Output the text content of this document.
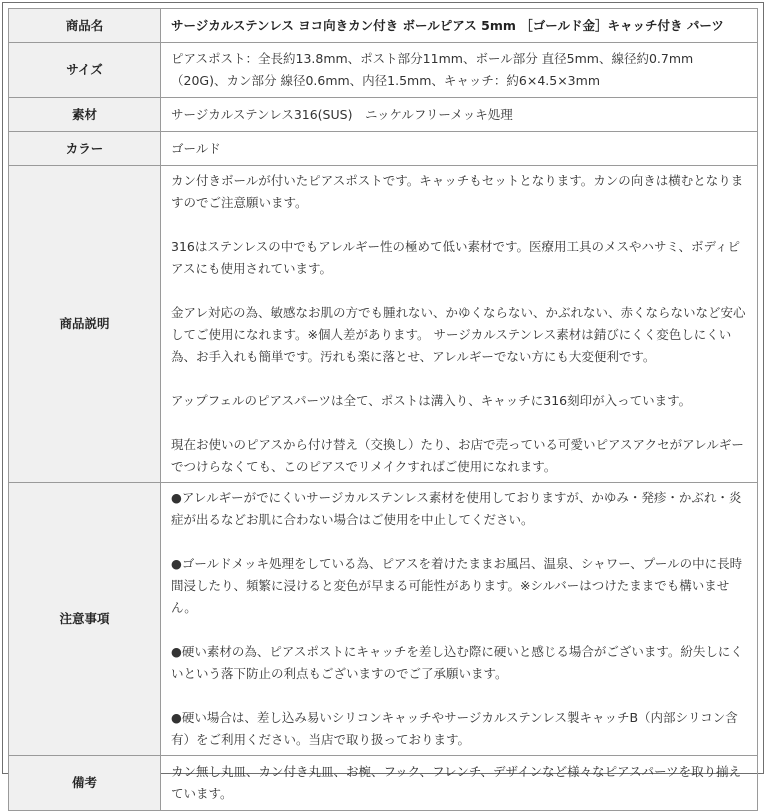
商品名	サージカルステンレス ヨコ向きカン付き ボールピアス 5mm ［ゴールド金］キャッチ付き パーツ
サイズ	ピアスポスト：全長約13.8mm、ポスト部分11mm、ボール部分 直径5mm、線径約0.7mm（20G)、カン部分 線径0.6mm、内径1.5mm、キャッチ：約6×4.5×3mm
素材	サージカルステンレス316(SUS)　ニッケルフリーメッキ処理
カラー	ゴールド
商品説明	カン付きボールが付いたピアスポストです。キャッチもセットとなります。カンの向きは横むとなりますのでご注意願います。

316はステンレスの中でもアレルギー性の極めて低い素材です。医療用工具のメスやハサミ、ボディピアスにも使用されています。

金アレ対応の為、敏感なお肌の方でも腫れない、かゆくならない、かぶれない、赤くならないなど安心してご使用になれます。※個人差があります。 サージカルステンレス素材は錆びにくく変色しにくい為、お手入れも簡単です。汚れも楽に落とせ、アレルギーでない方にも大変便利です。

アップフェルのピアスパーツは全て、ポストは溝入り、キャッチに316刻印が入っています。

現在お使いのピアスから付け替え（交換し）たり、お店で売っている可愛いピアスアクセがアレルギーでつけらなくても、このピアスでリメイクすればご使用になれます。

注意事項	●アレルギーがでにくいサージカルステンレス素材を使用しておりますが、かゆみ・発疹・かぶれ・炎症が出るなどお肌に合わない場合はご使用を中止してください。

●ゴールドメッキ処理をしている為、ピアスを着けたままお風呂、温泉、シャワー、プールの中に長時間浸したり、頻繁に浸けると変色が早まる可能性があります。※シルバーはつけたままでも構いません。

●硬い素材の為、ピアスポストにキャッチを差し込む際に硬いと感じる場合がございます。紛失しにくいという落下防止の利点もございますのでご了承願います。

●硬い場合は、差し込み易いシリコンキャッチやサージカルステンレス製キャッチB（内部シリコン含有）をご利用ください。当店で取り扱っております。

備考	カン無し丸皿、カン付き丸皿、お椀、フック、フレンチ、デザインなど様々なピアスパーツを取り揃えています。
